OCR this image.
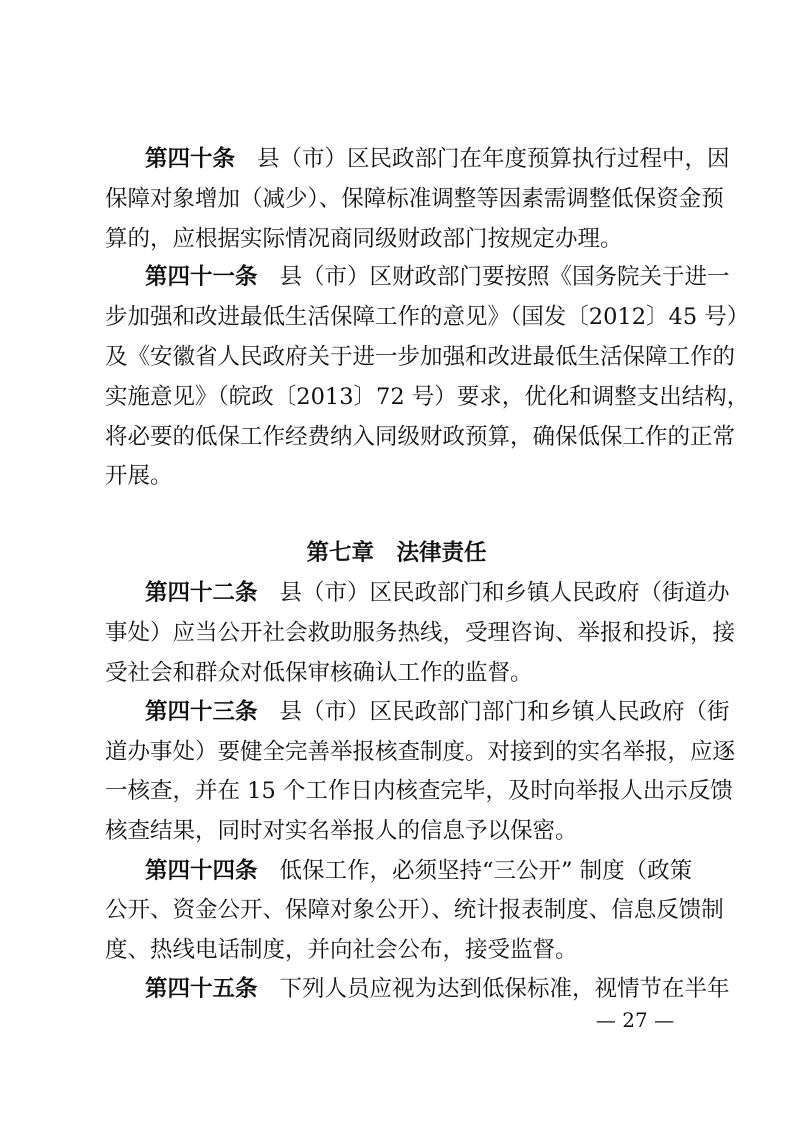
第四十条 县（市）区民政部门在年度预算执行过程中，因
保障对象增加（减少）、保障标准调整等因素需调整低保资金预
算的，应根据实际情况商同级财政部门按规定办理。
第四十一条 县（市）区财政部门要按照《国务院关于进一
步加强和改进最低生活保障工作的意见》（国发〔2012〕45 号）
及《安徽省人民政府关于进一步加强和改进最低生活保障工作的
实施意见》（皖政〔2013〕72 号）要求，优化和调整支出结构，
将必要的低保工作经费纳入同级财政预算，确保低保工作的正常
开展。
第七章　法律责任
第四十二条 县（市）区民政部门和乡镇人民政府（街道办
事处）应当公开社会救助服务热线，受理咨询、举报和投诉，接
受社会和群众对低保审核确认工作的监督。
第四十三条 县（市）区民政部门部门和乡镇人民政府（街
道办事处）要健全完善举报核查制度。对接到的实名举报，应逐
一核查，并在 15 个工作日内核查完毕，及时向举报人出示反馈
核查结果，同时对实名举报人的信息予以保密。
第四十四条 低保工作，必须坚持“三公开” 制度（政策
公开、资金公开、保障对象公开）、统计报表制度、信息反馈制
度、热线电话制度，并向社会公布，接受监督。
第四十五条 下列人员应视为达到低保标准，视情节在半年
— 27 —
